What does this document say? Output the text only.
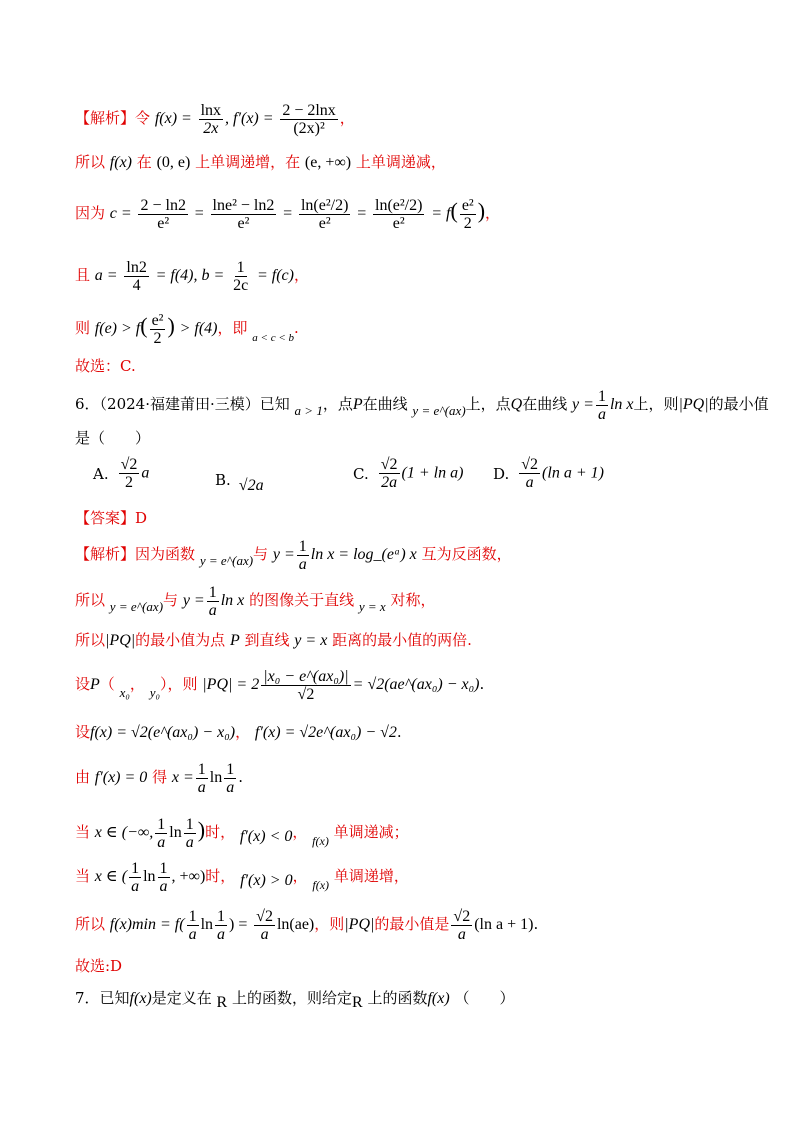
【解析】令 $f(x) = \frac{\ln x}{2x}$ , $f'(x) = \frac{2 - 2\ln x}{\text{(2x)²}}$ ，
所以 f(x) 在 (0, e) 上单调递增，在 (e, +∞) 上单调递减，
因为 $c = \frac{2 - \ln 2}{\text{e²}} = \frac{\text{lne² − ln2}}{\text{e²}} = \frac{\text{ln(e²/2)}}{\text{e²}} = \frac{\text{ln(e²/2)}}{\text{e²}} = f( \frac{\text{e²}}{2}$ )，
且 $a = \frac{\ln 2}{4} = f(4)$, $b = \frac{1}{2c} = f(c)$，
则 $f(e) > f( \frac{\text{e²}}{2}$ ) > f(4)，即 $_{a < c < b}$.
故选：C.
6．（2024·福建莆田·三模）已知 a > 1，点P在曲线 y = e^(ax)上，点Q在曲线 $y = \frac{1}{a}$ ln x上，则|PQ|的最小值
是（　　）
A. $\frac{√2}{2}$ a	B. √2a
C. $\frac{√2}{2a} (1 + \ln a)$ D. $\frac{√2}{a} (\ln$ a + 1)
【答案】D
【解析】因为函数 y = e^(ax)与 $y = \frac{1}{a}$ ln x = log_(eᵃ) x 互为反函数，
所以 y = e^(ax)与 $y = \frac{1}{a}$ ln x 的图像关于直线 y = x 对称，
所以|PQ|的最小值为点 P 到直线 y = x 距离的最小值的两倍.
设P（ x₀， y₀），则 $|PQ| = 2 \frac{\text{|x₀ − e\textasciicircum{}(ax₀)|}}{√2}$ = √2(ae^(ax₀) − x₀).
设f(x) = √2(e^(ax₀) − x₀)， f′(x) = √2e^(ax₀) − √2.
由 f′(x) = 0 得 $x = \frac{1}{a}$ $\ln \frac{1}{a}$ .
当 x ∈ (−∞, $\frac{1}{a}$ $\ln \frac{1}{a}$ )时， f′(x) < 0， $_{f(x)}$ 单调递减；
当 x ∈ ( $\frac{1}{a}$ $\ln \frac{1}{a}$ , +∞)时， f′(x) > 0， $_{f(x)}$ 单调递增，
所以 $f(x)\min = f( \frac{1}{a}$ $\ln \frac{1}{a}$ ) = $\frac{√2}{a} \ln(ae)$，则|PQ|的最小值是 $\frac{√2}{a} (\ln$ a + 1).
故选:D
7．已知f(x)是定义在 R 上的函数，则给定R 上的函数f(x) （　　）
